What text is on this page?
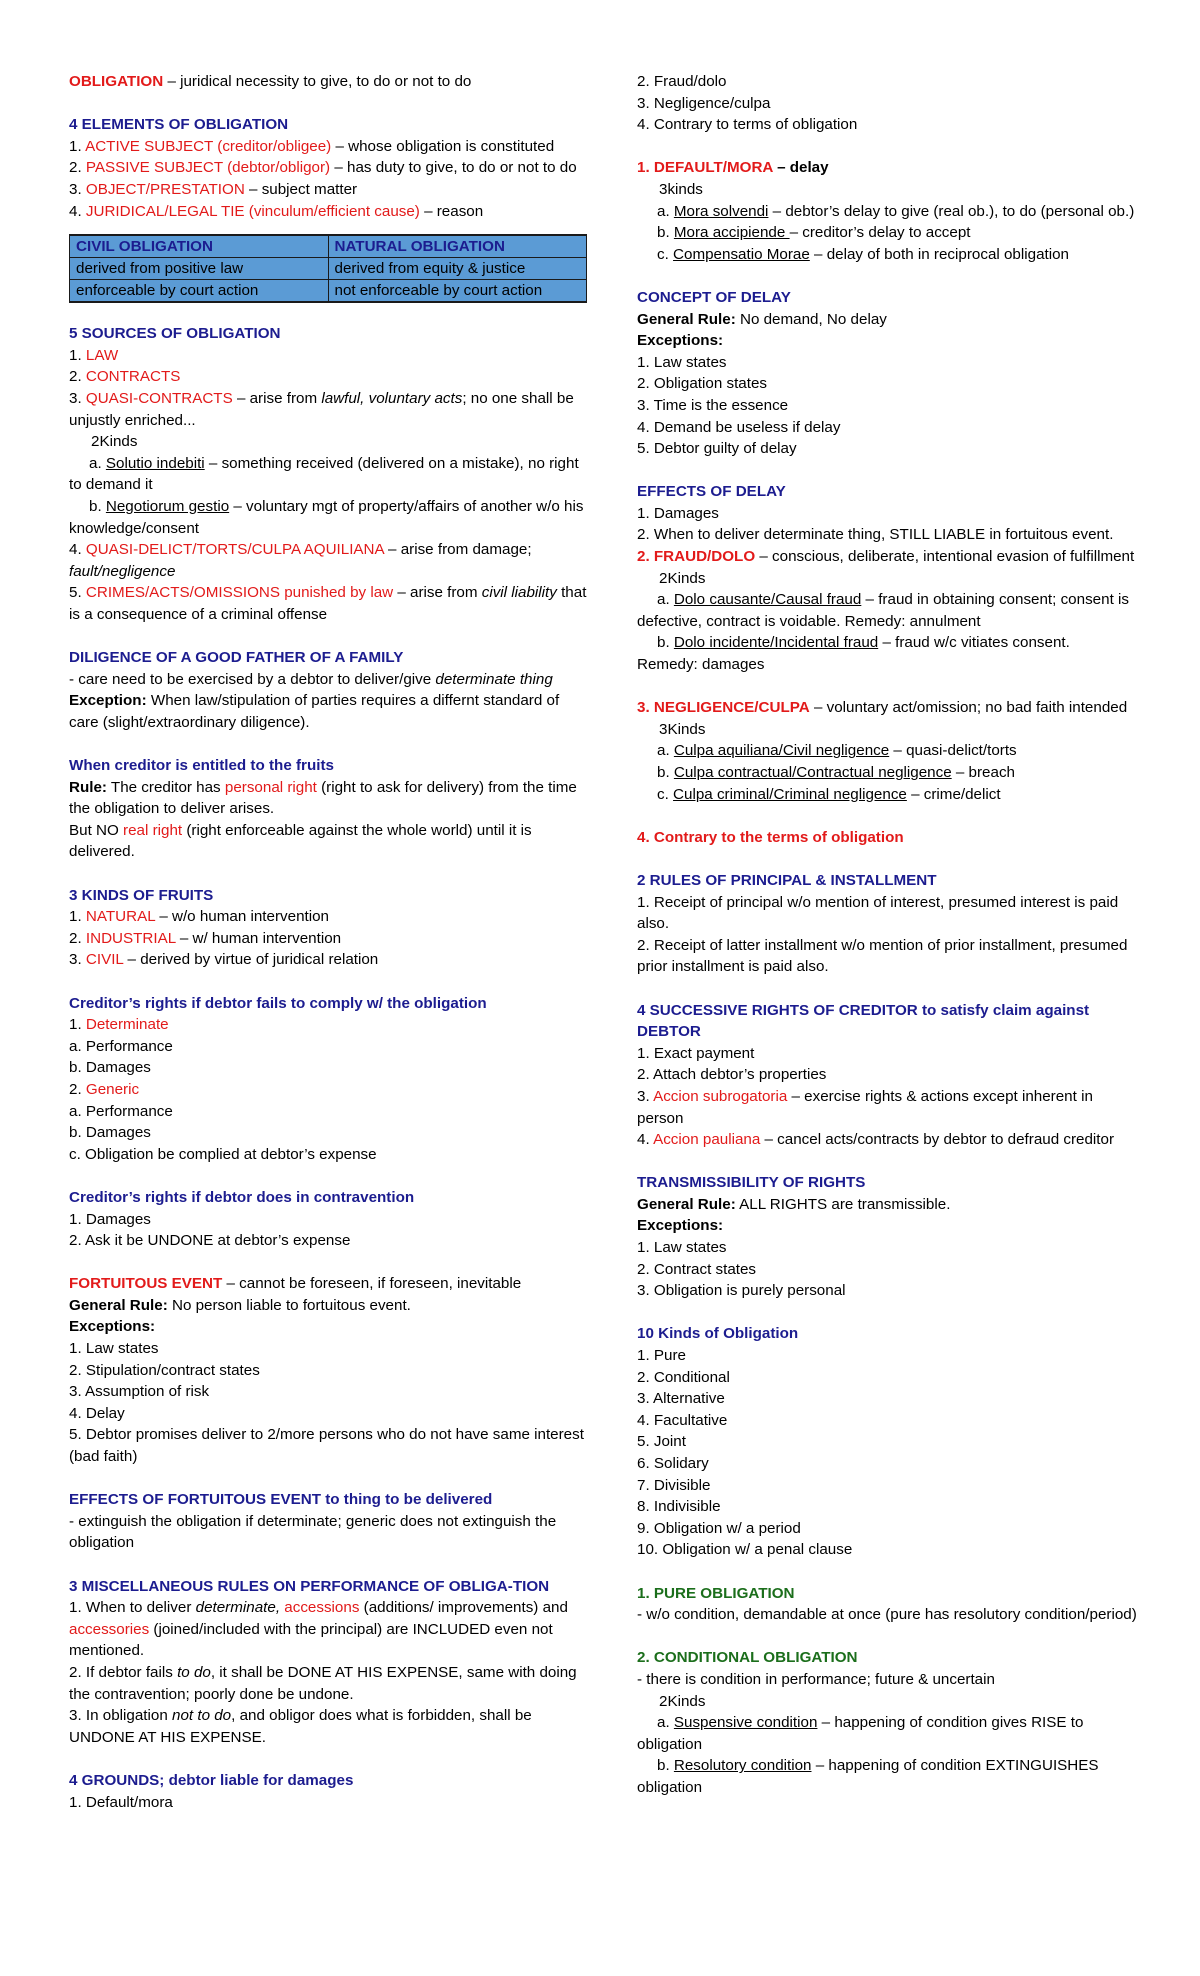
OBLIGATION – juridical necessity to give, to do or not to do
4 ELEMENTS OF OBLIGATION
1. ACTIVE SUBJECT (creditor/obligee) – whose obligation is constituted
2. PASSIVE SUBJECT (debtor/obligor) – has duty to give, to do or not to do
3. OBJECT/PRESTATION – subject matter
4. JURIDICAL/LEGAL TIE (vinculum/efficient cause) – reason
CIVIL OBLIGATION	NATURAL OBLIGATION
derived from positive law	derived from equity & justice
enforceable by court action	not enforceable by court action
5 SOURCES OF OBLIGATION
1. LAW
2. CONTRACTS
3. QUASI-CONTRACTS – arise from lawful, voluntary acts; no one shall be unjustly enriched...
2Kinds
a. Solutio indebiti – something received (delivered on a mistake), no right to demand it
b. Negotiorum gestio – voluntary mgt of property/affairs of another w/o his knowledge/consent
4. QUASI-DELICT/TORTS/CULPA AQUILIANA – arise from damage; fault/negligence
5. CRIMES/ACTS/OMISSIONS punished by law – arise from civil liability that is a consequence of a criminal offense
DILIGENCE OF A GOOD FATHER OF A FAMILY
- care need to be exercised by a debtor to deliver/give determinate thing
Exception: When law/stipulation of parties requires a differnt standard of care (slight/extraordinary diligence).
When creditor is entitled to the fruits
Rule: The creditor has personal right (right to ask for delivery) from the time the obligation to deliver arises.
But NO real right (right enforceable against the whole world) until it is delivered.
3 KINDS OF FRUITS
1. NATURAL – w/o human intervention
2. INDUSTRIAL – w/ human intervention
3. CIVIL – derived by virtue of juridical relation
Creditor’s rights if debtor fails to comply w/ the obligation
1. Determinate
a. Performance
b. Damages
2. Generic
a. Performance
b. Damages
c. Obligation be complied at debtor’s expense
Creditor’s rights if debtor does in contravention
1. Damages
2. Ask it be UNDONE at debtor’s expense
FORTUITOUS EVENT – cannot be foreseen, if foreseen, inevitable
General Rule: No person liable to fortuitous event.
Exceptions:
1. Law states
2. Stipulation/contract states
3. Assumption of risk
4. Delay
5. Debtor promises deliver to 2/more persons who do not have same interest (bad faith)
EFFECTS OF FORTUITOUS EVENT to thing to be delivered
- extinguish the obligation if determinate; generic does not extinguish the obligation
3 MISCELLANEOUS RULES ON PERFORMANCE OF OBLIGA-TION
1. When to deliver determinate, accessions (additions/ improvements) and accessories (joined/included with the principal) are INCLUDED even not mentioned.
2. If debtor fails to do, it shall be DONE AT HIS EXPENSE, same with doing the contravention; poorly done be undone.
3. In obligation not to do, and obligor does what is forbidden, shall be UNDONE AT HIS EXPENSE.
4 GROUNDS; debtor liable for damages
1. Default/mora
2. Fraud/dolo
3. Negligence/culpa
4. Contrary to terms of obligation
1. DEFAULT/MORA – delay
3kinds
a. Mora solvendi – debtor’s delay to give (real ob.), to do (personal ob.)
b. Mora accipiende – creditor’s delay to accept
c. Compensatio Morae – delay of both in reciprocal obligation
CONCEPT OF DELAY
General Rule: No demand, No delay
Exceptions:
1. Law states
2. Obligation states
3. Time is the essence
4. Demand be useless if delay
5. Debtor guilty of delay
EFFECTS OF DELAY
1. Damages
2. When to deliver determinate thing, STILL LIABLE in fortuitous event.
2. FRAUD/DOLO – conscious, deliberate, intentional evasion of fulfillment
2Kinds
a. Dolo causante/Causal fraud – fraud in obtaining consent; consent is defective, contract is voidable. Remedy: annulment
b. Dolo incidente/Incidental fraud – fraud w/c vitiates consent.
Remedy: damages
3. NEGLIGENCE/CULPA – voluntary act/omission; no bad faith intended
3Kinds
a. Culpa aquiliana/Civil negligence – quasi-delict/torts
b. Culpa contractual/Contractual negligence – breach
c. Culpa criminal/Criminal negligence – crime/delict
4. Contrary to the terms of obligation
2 RULES OF PRINCIPAL & INSTALLMENT
1. Receipt of principal w/o mention of interest, presumed interest is paid also.
2. Receipt of latter installment w/o mention of prior installment, presumed prior installment is paid also.
4 SUCCESSIVE RIGHTS OF CREDITOR to satisfy claim against DEBTOR
1. Exact payment
2. Attach debtor’s properties
3. Accion subrogatoria – exercise rights & actions except inherent in person
4. Accion pauliana – cancel acts/contracts by debtor to defraud creditor
TRANSMISSIBILITY OF RIGHTS
General Rule: ALL RIGHTS are transmissible.
Exceptions:
1. Law states
2. Contract states
3. Obligation is purely personal
10 Kinds of Obligation
1. Pure
2. Conditional
3. Alternative
4. Facultative
5. Joint
6. Solidary
7. Divisible
8. Indivisible
9. Obligation w/ a period
10. Obligation w/ a penal clause
1. PURE OBLIGATION
- w/o condition, demandable at once (pure has resolutory condition/period)
2. CONDITIONAL OBLIGATION
- there is condition in performance; future & uncertain
2Kinds
a. Suspensive condition – happening of condition gives RISE to obligation
b. Resolutory condition – happening of condition EXTINGUISHES obligation
